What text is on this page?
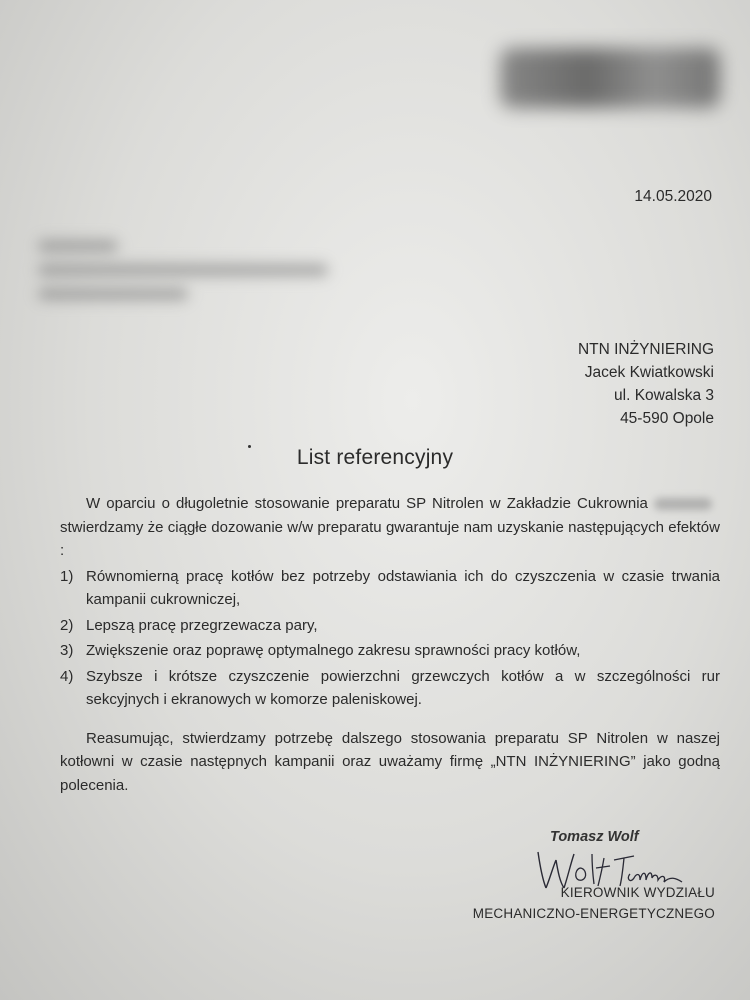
14.05.2020
NTN INŻYNIERING
Jacek Kwiatkowski
ul. Kowalska 3
45-590 Opole
List referencyjny

W oparciu o długoletnie stosowanie preparatu SP Nitrolen w Zakładzie Cukrownia stwierdzamy że ciągłe dozowanie w/w preparatu gwarantuje nam uzyskanie następujących efektów :

1) Równomierną pracę kotłów bez potrzeby odstawiania ich do czyszczenia w czasie trwania kampanii cukrowniczej,
2) Lepszą pracę przegrzewacza pary,
3) Zwiększenie oraz poprawę optymalnego zakresu sprawności pracy kotłów,
4) Szybsze i krótsze czyszczenie powierzchni grzewczych kotłów a w szczególności rur sekcyjnych i ekranowych w komorze paleniskowej.

Reasumując, stwierdzamy potrzebę dalszego stosowania preparatu SP Nitrolen w naszej kotłowni w czasie następnych kampanii oraz uważamy firmę „NTN INŻYNIERING” jako godną polecenia.

Tomasz Wolf
KIEROWNIK WYDZIAŁU
MECHANICZNO-ENERGETYCZNEGO
